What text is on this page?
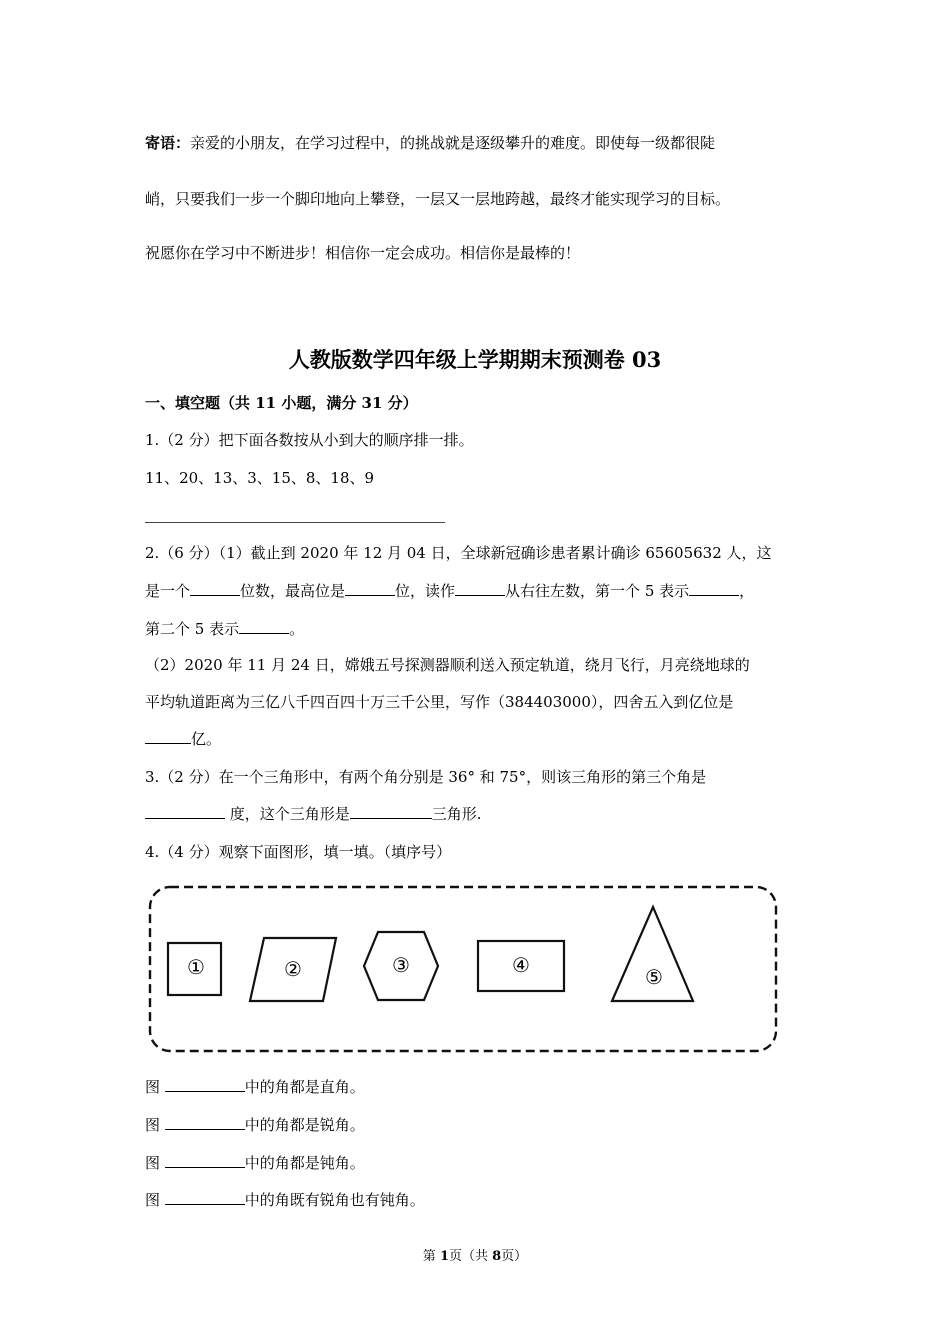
寄语：亲爱的小朋友，在学习过程中，的挑战就是逐级攀升的难度。即使每一级都很陡
峭，只要我们一步一个脚印地向上攀登，一层又一层地跨越，最终才能实现学习的目标。
祝愿你在学习中不断进步！相信你一定会成功。相信你是最棒的！
人教版数学四年级上学期期末预测卷 03
一、填空题（共 11 小题，满分 31 分）
1.（2 分）把下面各数按从小到大的顺序排一排。
11、20、13、3、15、8、18、9
2.（6 分）（1）截止到 2020 年 12 月 04 日，全球新冠确诊患者累计确诊 65605632 人，这
是一个	位数，最高位是	位，读作	从右往左数，第一个 5 表示	，
第二个 5 表示	。
（2）2020 年 11 月 24 日，嫦娥五号探测器顺利送入预定轨道，绕月飞行，月亮绕地球的
平均轨道距离为三亿八千四百四十万三千公里，写作（384403000），四舍五入到亿位是
亿。
3.（2 分）在一个三角形中，有两个角分别是 36° 和 75°，则该三角形的第三个角是
度，这个三角形是	三角形.
4.（4 分）观察下面图形，填一填。（填序号）
①	②	③	④	⑤
图	中的角都是直角。
图	中的角都是锐角。
图	中的角都是钝角。
图	中的角既有锐角也有钝角。
第 1页（共 8页）
